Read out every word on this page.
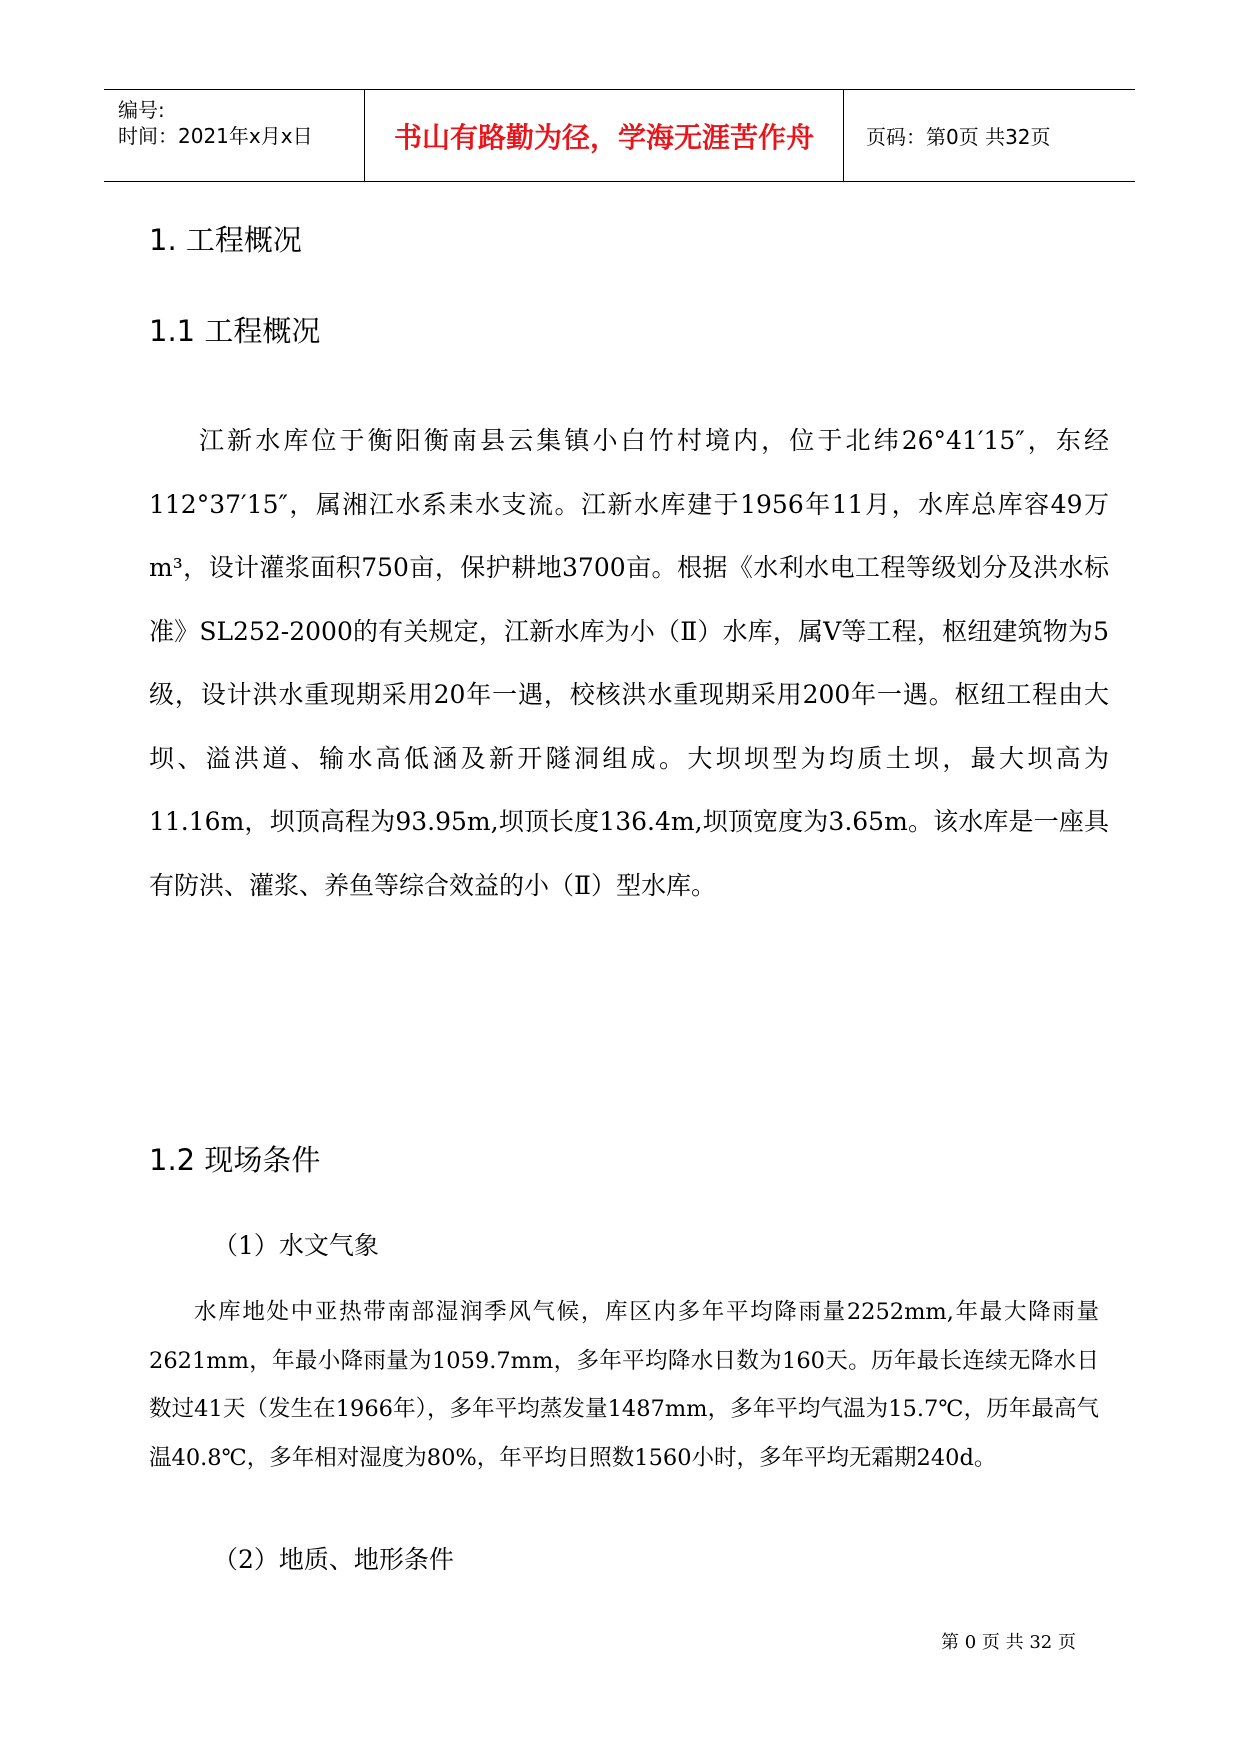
编号:
时间：2021年x月x日	书山有路勤为径，学海无涯苦作舟	页码：第0页 共32页
1. 工程概况
1.1 工程概况

江新水库位于衡阳衡南县云集镇小白竹村境内，位于北纬26°41′15″，东经112°37′15″，属湘江水系耒水支流。江新水库建于1956年11月，水库总库容49万m³，设计灌浆面积750亩，保护耕地3700亩。根据《水利水电工程等级划分及洪水标准》SL252-2000的有关规定，江新水库为小（Ⅱ）水库，属Ⅴ等工程，枢纽建筑物为5级，设计洪水重现期采用20年一遇，校核洪水重现期采用200年一遇。枢纽工程由大坝、溢洪道、输水高低涵及新开隧洞组成。大坝坝型为均质土坝，最大坝高为11.16m，坝顶高程为93.95m,坝顶长度136.4m,坝顶宽度为3.65m。该水库是一座具有防洪、灌浆、养鱼等综合效益的小（Ⅱ）型水库。

1.2 现场条件
（1）水文气象

水库地处中亚热带南部湿润季风气候，库区内多年平均降雨量2252mm,年最大降雨量2621mm，年最小降雨量为1059.7mm，多年平均降水日数为160天。历年最长连续无降水日数过41天（发生在1966年），多年平均蒸发量1487mm，多年平均气温为15.7℃，历年最高气温40.8℃，多年相对湿度为80%，年平均日照数1560小时，多年平均无霜期240d。

（2）地质、地形条件
第 0 页 共 32 页
